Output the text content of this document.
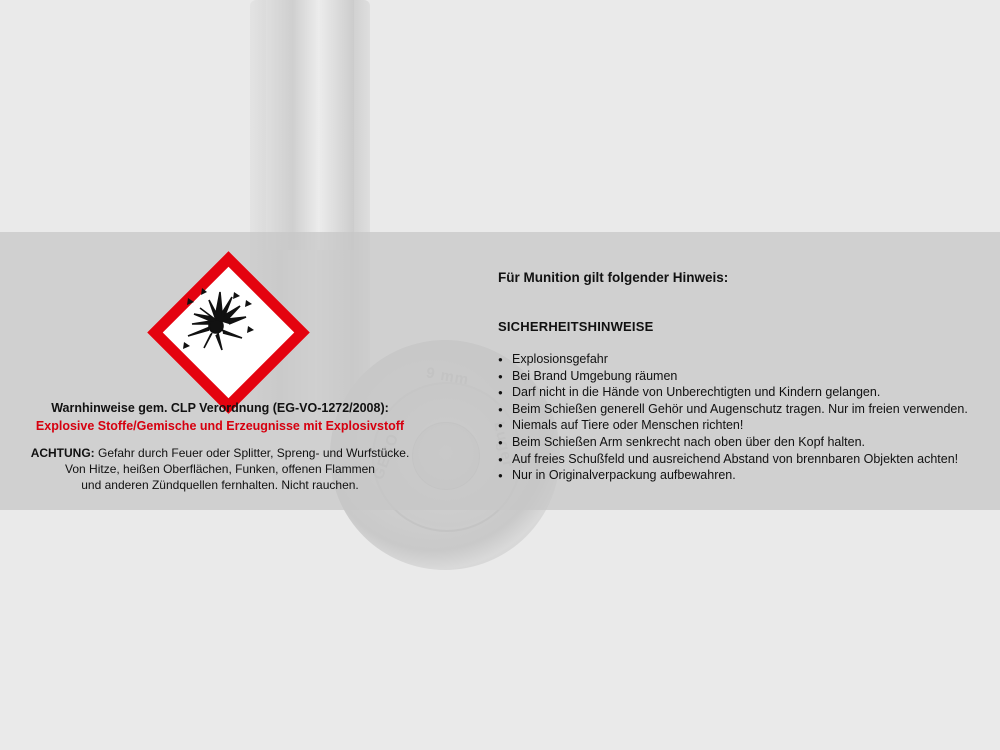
Warnhinweise gem. CLP Verordnung (EG-VO-1272/2008):
Explosive Stoffe/Gemische und Erzeugnisse mit Explosivstoff
ACHTUNG: Gefahr durch Feuer oder Splitter, Spreng- und Wurfstücke.
Von Hitze, heißen Oberflächen, Funken, offenen Flammen
und anderen Zündquellen fernhalten. Nicht rauchen.
Für Munition gilt folgender Hinweis:
SICHERHEITSHINWEISE
● Explosionsgefahr
● Bei Brand Umgebung räumen
● Darf nicht in die Hände von Unberechtigten und Kindern gelangen.
● Beim Schießen generell Gehör und Augenschutz tragen. Nur im freien verwenden.
● Niemals auf Tiere oder Menschen richten!
● Beim Schießen Arm senkrecht nach oben über den Kopf halten.
● Auf freies Schußfeld und ausreichend Abstand von brennbaren Objekten achten!
● Nur in Originalverpackung aufbewahren.
